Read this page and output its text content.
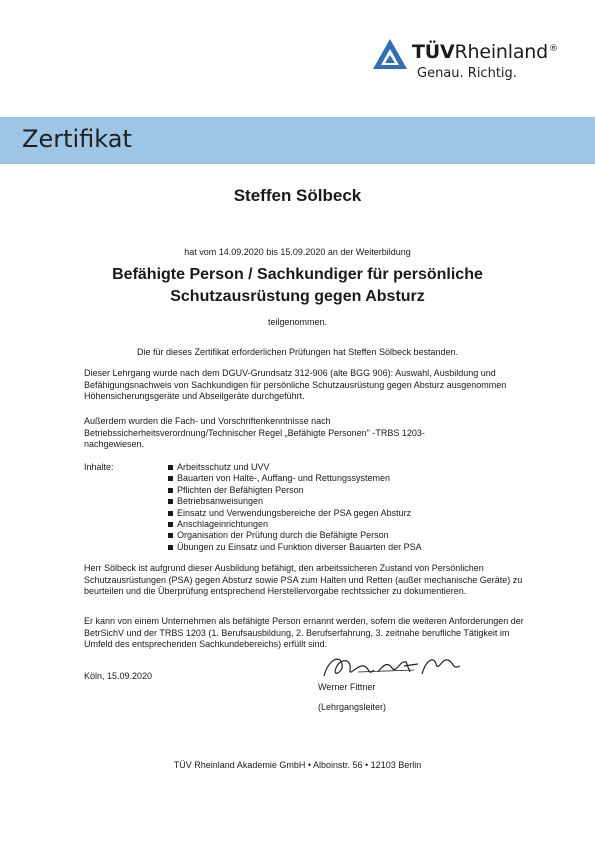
TÜVRheinland®
Genau. Richtig.
Zertifikat
Steffen Sölbeck
hat vom 14.09.2020 bis 15.09.2020 an der Weiterbildung
Befähigte Person / Sachkundiger für persönliche
Schutzausrüstung gegen Absturz
teilgenommen.
Die für dieses Zertifikat erforderlichen Prüfungen hat Steffen Sölbeck bestanden.

Dieser Lehrgang wurde nach dem DGUV-Grundsatz 312-906 (alte BGG 906): Auswahl, Ausbildung und Befähigungsnachweis von Sachkundigen für persönliche Schutzausrüstung gegen Absturz ausgenommen Höhensicherungsgeräte und Abseilgeräte durchgeführt.

Außerdem wurden die Fach- und Vorschriftenkenntnisse nach Betriebssicherheitsverordnung/Technischer Regel „Befähigte Personen" -TRBS 1203- nachgewiesen.

Inhalte:	Arbeitsschutz und UVV
Bauarten von Halte-, Auffang- und Rettungssystemen
Pflichten der Befähigten Person
Betriebsanweisungen
Einsatz und Verwendungsbereiche der PSA gegen Absturz
Anschlageinrichtungen
Organisation der Prüfung durch die Befähigte Person
Übungen zu Einsatz und Funktion diverser Bauarten der PSA

Herr Sölbeck ist aufgrund dieser Ausbildung befähigt, den arbeitssicheren Zustand von Persönlichen Schutzausrüstungen (PSA) gegen Absturz sowie PSA zum Halten und Retten (außer mechanische Geräte) zu beurteilen und die Überprüfung entsprechend Herstellervorgabe rechtssicher zu dokumentieren.

Er kann von einem Unternehmen als befähigte Person ernannt werden, sofern die weiteren Anforderungen der BetrSichV und der TRBS 1203 (1. Berufsausbildung, 2. Berufserfahrung, 3. zeitnahe berufliche Tätigkeit im Umfeld des entsprechenden Sachkundebereichs) erfüllt sind.

Köln, 15.09.2020
Werner Fittner
(Lehrgangsleiter)
TÜV Rheinland Akademie GmbH • Alboinstr. 56 • 12103 Berlin
